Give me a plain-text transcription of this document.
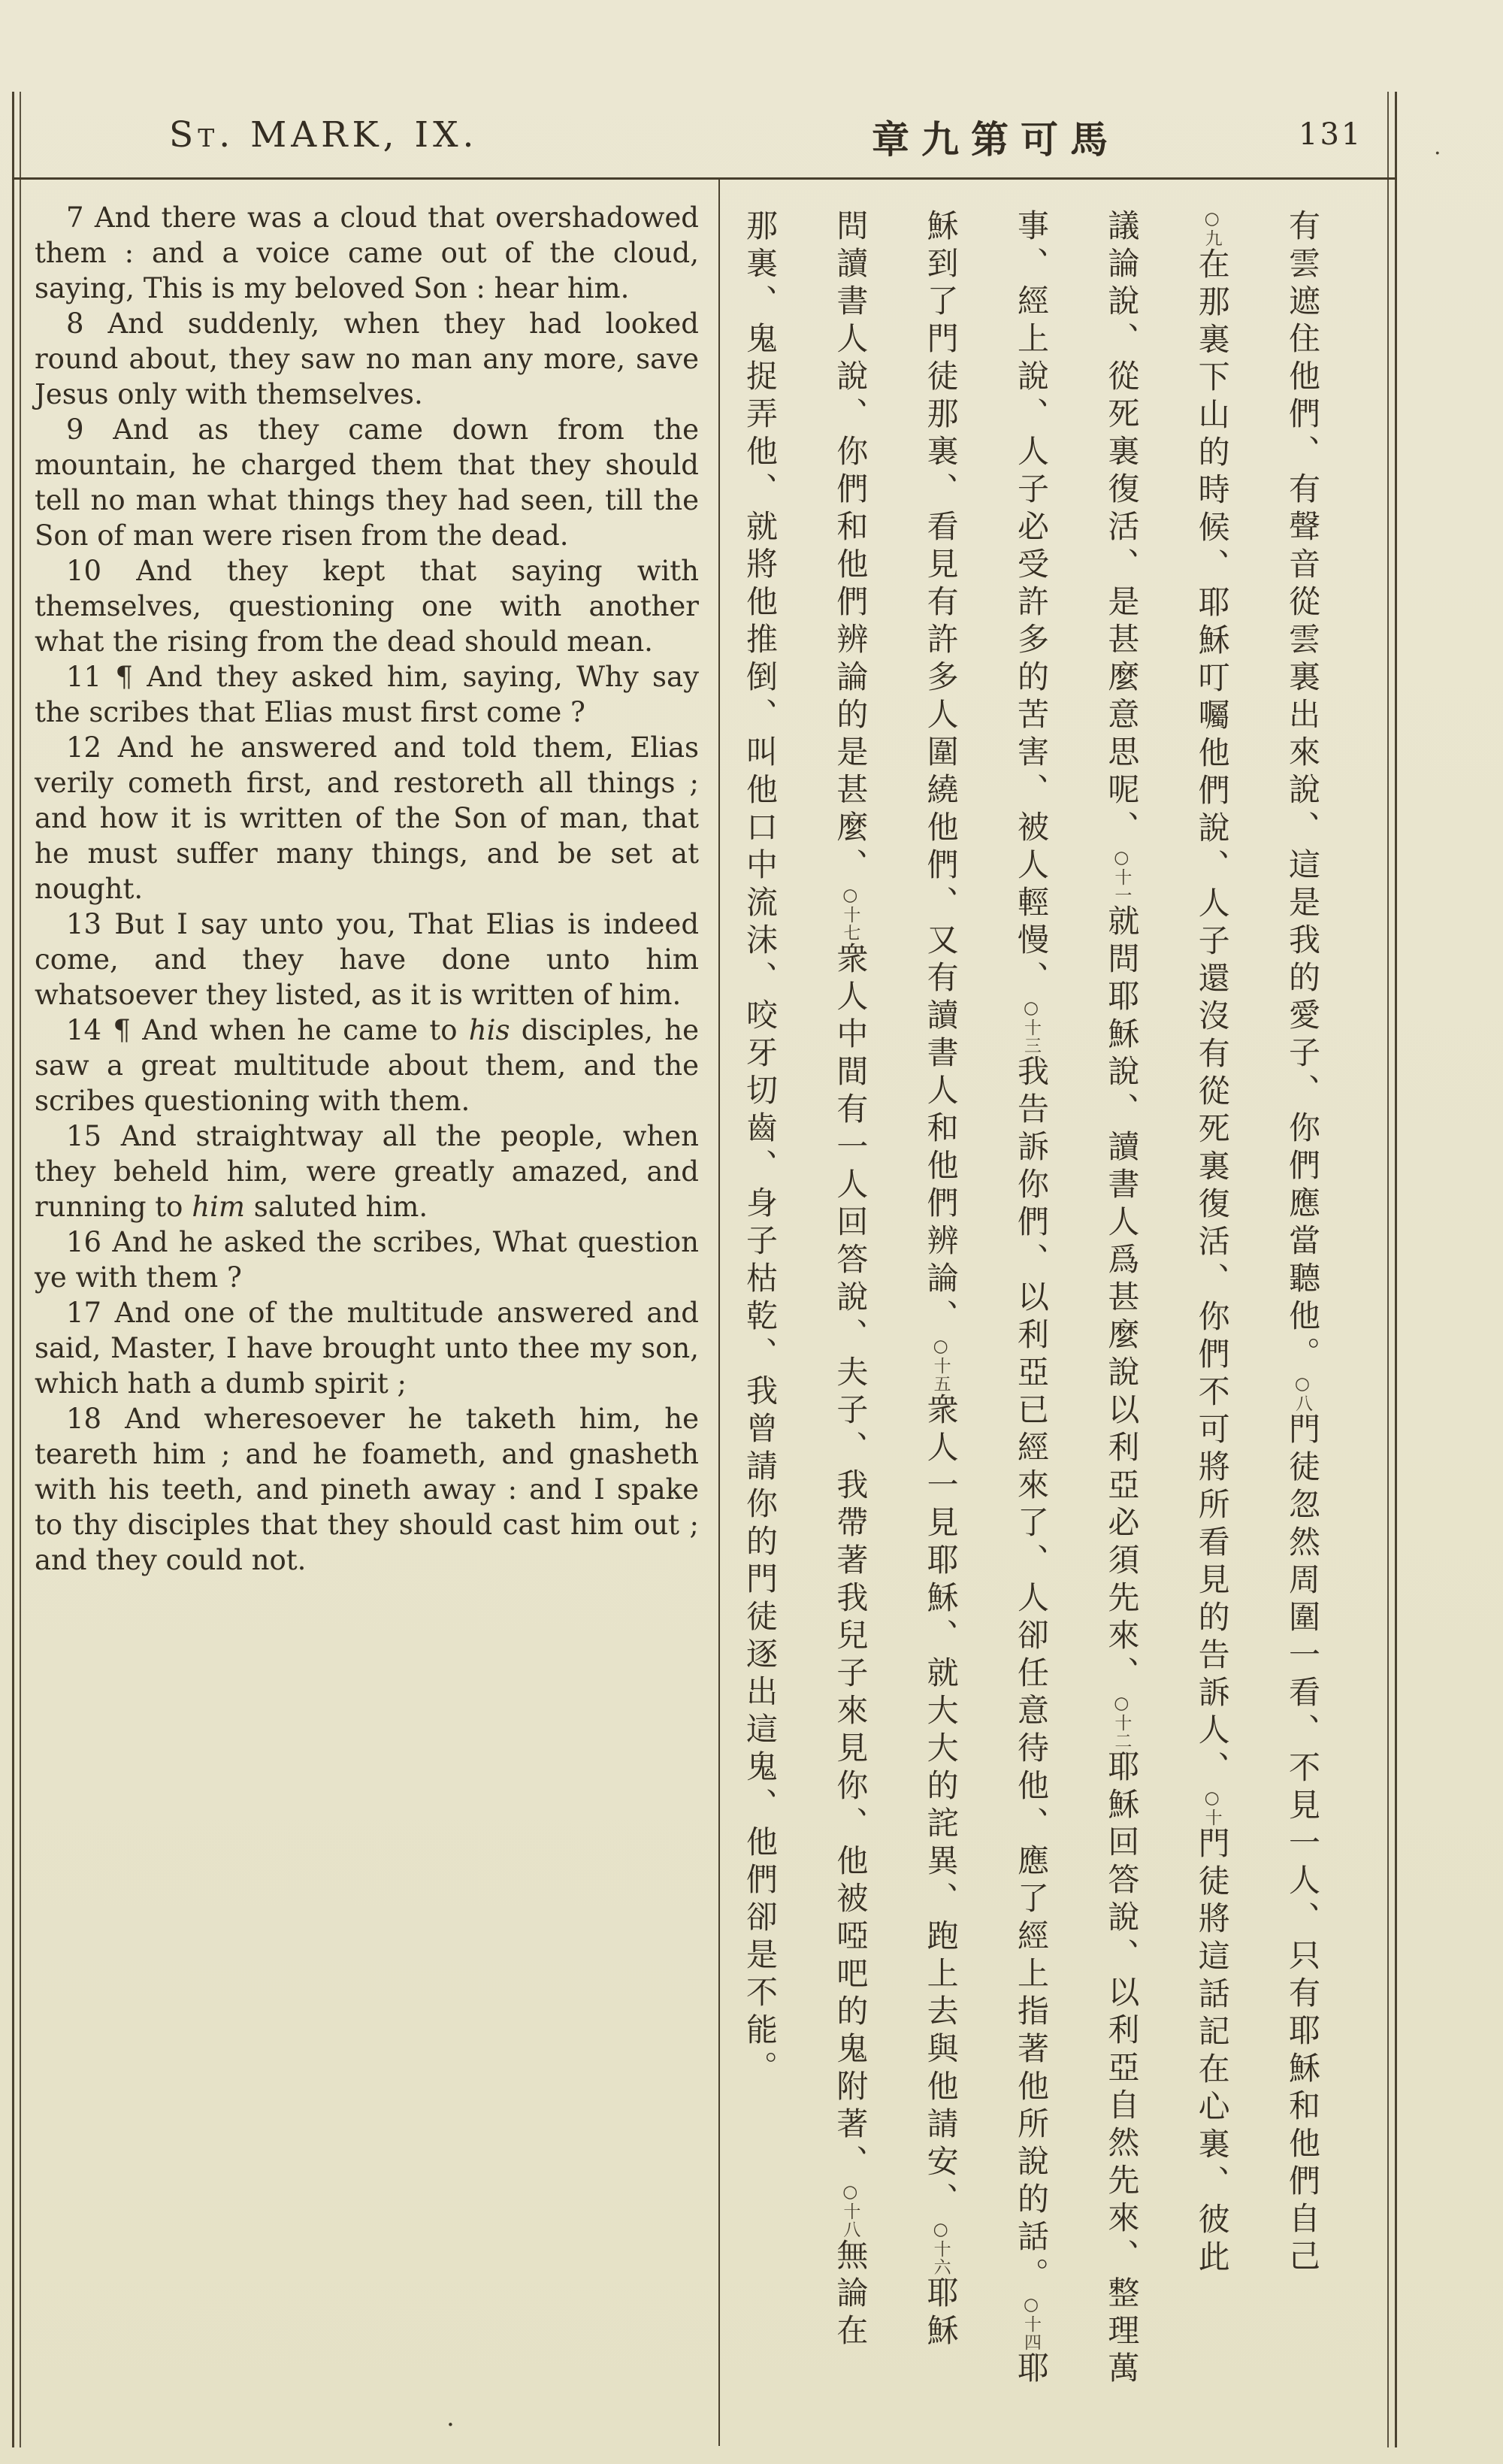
St. MARK, IX.	章九第可馬	131	.

7 And there was a cloud that overshadowed them : and a voice came out of the cloud, saying, This is my beloved Son : hear him.

8 And suddenly, when they had looked round about, they saw no man any more, save Jesus only with themselves.

9 And as they came down from the mountain, he charged them that they should tell no man what things they had seen, till the Son of man were risen from the dead.

10 And they kept that saying with themselves, questioning one with another what the rising from the dead should mean.

11 ¶ And they asked him, saying, Why say the scribes that Elias must first come ?

12 And he answered and told them, Elias verily cometh first, and restoreth all things ; and how it is written of the Son of man, that he must suffer many things, and be set at nought.

13 But I say unto you, That Elias is indeed come, and they have done unto him whatsoever they listed, as it is written of him.

14 ¶ And when he came to his disciples, he saw a great multitude about them, and the scribes questioning with them.

15 And straightway all the people, when they beheld him, were greatly amazed, and running to him saluted him.

16 And he asked the scribes, What question ye with them ?

17 And one of the multitude answered and said, Master, I have brought unto thee my son, which hath a dumb spirit ;

18 And wheresoever he taketh him, he teareth him ; and he foameth, and gnasheth with his teeth, and pineth away : and I spake to thy disciples that they should cast him out ; and they could not.

有雲遮住他們、有聲音從雲裏出來說、這是我的愛子、你們應當聽他。○八門徒忽然周圍一看、不見一人、只有耶穌和他們自己
○九在那裏下山的時候、耶穌叮囑他們說、人子還沒有從死裏復活、你們不可將所看見的告訴人、○十門徒將這話記在心裏、彼此
議論說、從死裏復活、是甚麼意思呢、○十一就問耶穌說、讀書人爲甚麼說以利亞必須先來、○十二耶穌回答說、以利亞自然先來、整理萬
事、經上說、人子必受許多的苦害、被人輕慢、○十三我告訴你們、以利亞已經來了、人卻任意待他、應了經上指著他所說的話。○十四耶
穌到了門徒那裏、看見有許多人圍繞他們、又有讀書人和他們辨論、○十五衆人一見耶穌、就大大的詫異、跑上去與他請安、○十六耶穌
問讀書人說、你們和他們辨論的是甚麼、○十七衆人中間有一人回答說、夫子、我帶著我兒子來見你、他被啞吧的鬼附著、○十八無論在
那裏、鬼捉弄他、就將他推倒、叫他口中流沫、咬牙切齒、身子枯乾、我曾請你的門徒逐出這鬼、他們卻是不能。
.
